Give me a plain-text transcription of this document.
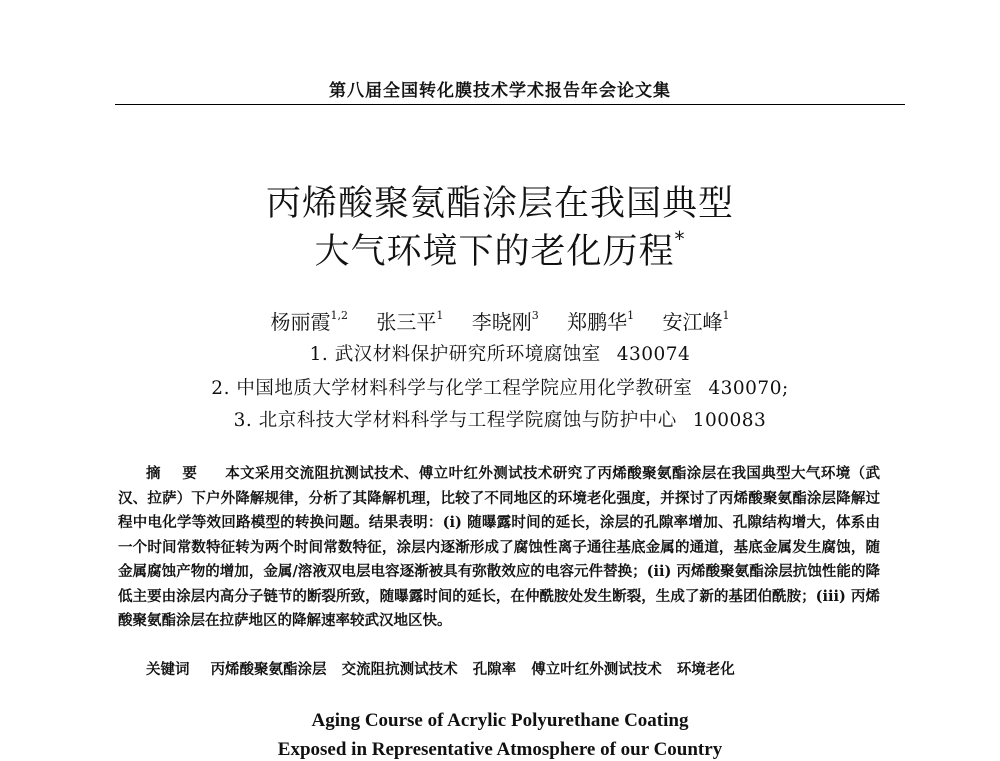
第八届全国转化膜技术学术报告年会论文集
丙烯酸聚氨酯涂层在我国典型
大气环境下的老化历程*
杨丽霞$^{1,2}$ 张三平$^1$ 李晓刚$^3$ 郑鹏华$^1$ 安江峰$^1$
1. 武汉材料保护研究所环境腐蚀室 430074
2. 中国地质大学材料科学与化学工程学院应用化学教研室 430070;
3. 北京科技大学材料科学与工程学院腐蚀与防护中心 100083
摘 要 本文采用交流阻抗测试技术、傅立叶红外测试技术研究了丙烯酸聚氨酯涂层在我国典型大气环境（武汉、拉萨）下户外降解规律，分析了其降解机理，比较了不同地区的环境老化强度，并探讨了丙烯酸聚氨酯涂层降解过程中电化学等效回路模型的转换问题。结果表明：(i) 随曝露时间的延长，涂层的孔隙率增加、孔隙结构增大，体系由一个时间常数特征转为两个时间常数特征，涂层内逐渐形成了腐蚀性离子通往基底金属的通道，基底金属发生腐蚀，随金属腐蚀产物的增加，金属/溶液双电层电容逐渐被具有弥散效应的电容元件替换；(ii) 丙烯酸聚氨酯涂层抗蚀性能的降低主要由涂层内高分子链节的断裂所致，随曝露时间的延长，在仲酰胺处发生断裂，生成了新的基团伯酰胺；(iii) 丙烯酸聚氨酯涂层在拉萨地区的降解速率较武汉地区快。
关键词 丙烯酸聚氨酯涂层 交流阻抗测试技术 孔隙率 傅立叶红外测试技术 环境老化
Aging Course of Acrylic Polyurethane Coating
Exposed in Representative Atmosphere of our Country
